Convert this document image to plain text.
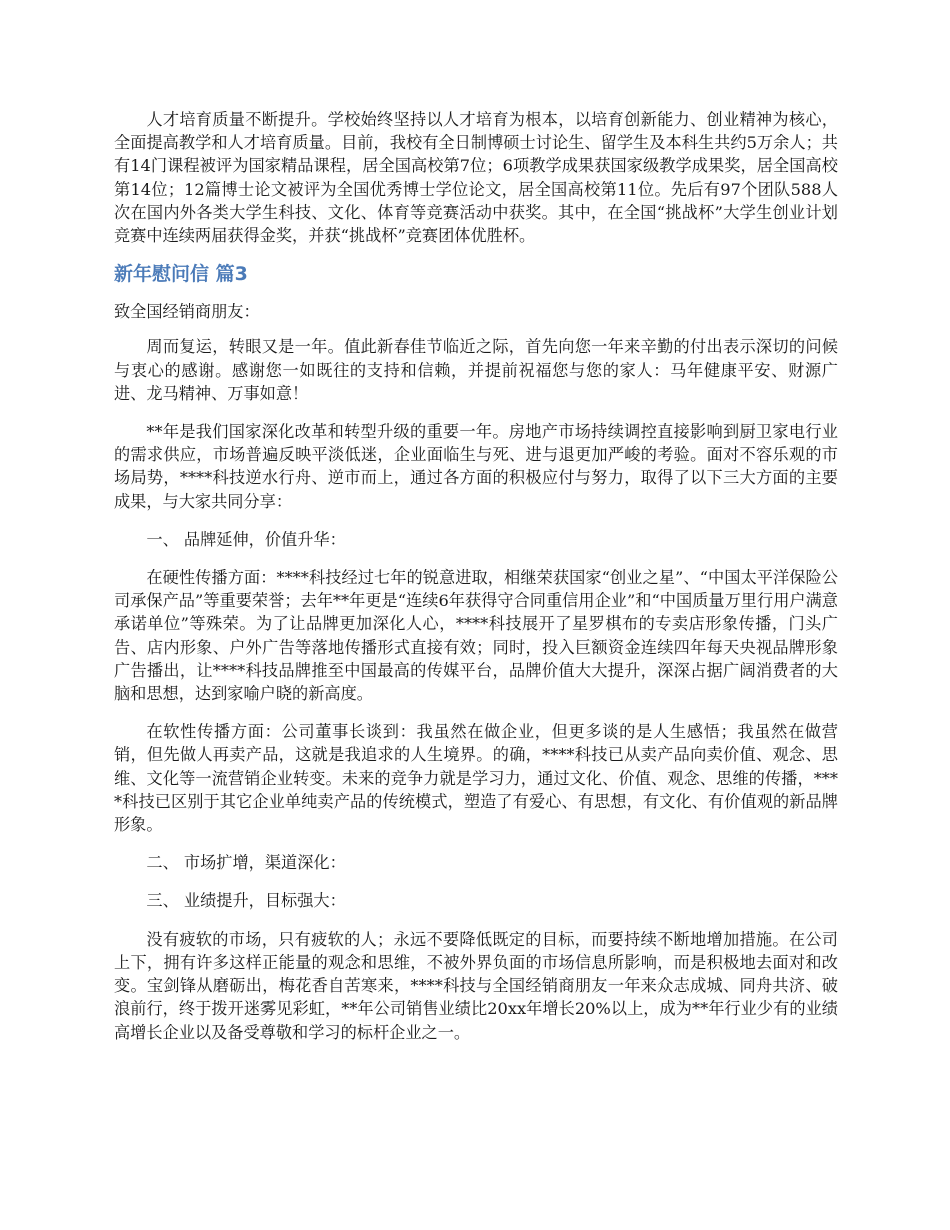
人才培育质量不断提升。学校始终坚持以人才培育为根本，以培育创新能力、创业精神为核心，全面提高教学和人才培育质量。目前，我校有全日制博硕士讨论生、留学生及本科生共约5万余人；共有14门课程被评为国家精品课程，居全国高校第7位；6项教学成果获国家级教学成果奖，居全国高校第14位；12篇博士论文被评为全国优秀博士学位论文，居全国高校第11位。先后有97个团队588人次在国内外各类大学生科技、文化、体育等竞赛活动中获奖。其中，在全国“挑战杯”大学生创业计划竞赛中连续两届获得金奖，并获“挑战杯”竞赛团体优胜杯。

新年慰问信 篇3

致全国经销商朋友：

周而复运，转眼又是一年。值此新春佳节临近之际，首先向您一年来辛勤的付出表示深切的问候与衷心的感谢。感谢您一如既往的支持和信赖，并提前祝福您与您的家人：马年健康平安、财源广进、龙马精神、万事如意！

**年是我们国家深化改革和转型升级的重要一年。房地产市场持续调控直接影响到厨卫家电行业的需求供应，市场普遍反映平淡低迷，企业面临生与死、进与退更加严峻的考验。面对不容乐观的市场局势，****科技逆水行舟、逆市而上，通过各方面的积极应付与努力，取得了以下三大方面的主要成果，与大家共同分享：

一、 品牌延伸，价值升华：

在硬性传播方面：****科技经过七年的锐意进取，相继荣获国家“创业之星”、“中国太平洋保险公司承保产品”等重要荣誉；去年**年更是“连续6年获得守合同重信用企业”和“中国质量万里行用户满意承诺单位”等殊荣。为了让品牌更加深化人心，****科技展开了星罗棋布的专卖店形象传播，门头广告、店内形象、户外广告等落地传播形式直接有效；同时，投入巨额资金连续四年每天央视品牌形象广告播出，让****科技品牌推至中国最高的传媒平台，品牌价值大大提升，深深占据广阔消费者的大脑和思想，达到家喻户晓的新高度。

在软性传播方面：公司董事长谈到：我虽然在做企业，但更多谈的是人生感悟；我虽然在做营销，但先做人再卖产品，这就是我追求的人生境界。的确，****科技已从卖产品向卖价值、观念、思维、文化等一流营销企业转变。未来的竞争力就是学习力，通过文化、价值、观念、思维的传播，****科技已区别于其它企业单纯卖产品的传统模式，塑造了有爱心、有思想，有文化、有价值观的新品牌形象。

二、 市场扩增，渠道深化：

三、 业绩提升，目标强大：

没有疲软的市场，只有疲软的人；永远不要降低既定的目标，而要持续不断地增加措施。在公司上下，拥有许多这样正能量的观念和思维，不被外界负面的市场信息所影响，而是积极地去面对和改变。宝剑锋从磨砺出，梅花香自苦寒来，****科技与全国经销商朋友一年来众志成城、同舟共济、破浪前行，终于拨开迷雾见彩虹，**年公司销售业绩比20xx年增长20%以上，成为**年行业少有的业绩高增长企业以及备受尊敬和学习的标杆企业之一。
